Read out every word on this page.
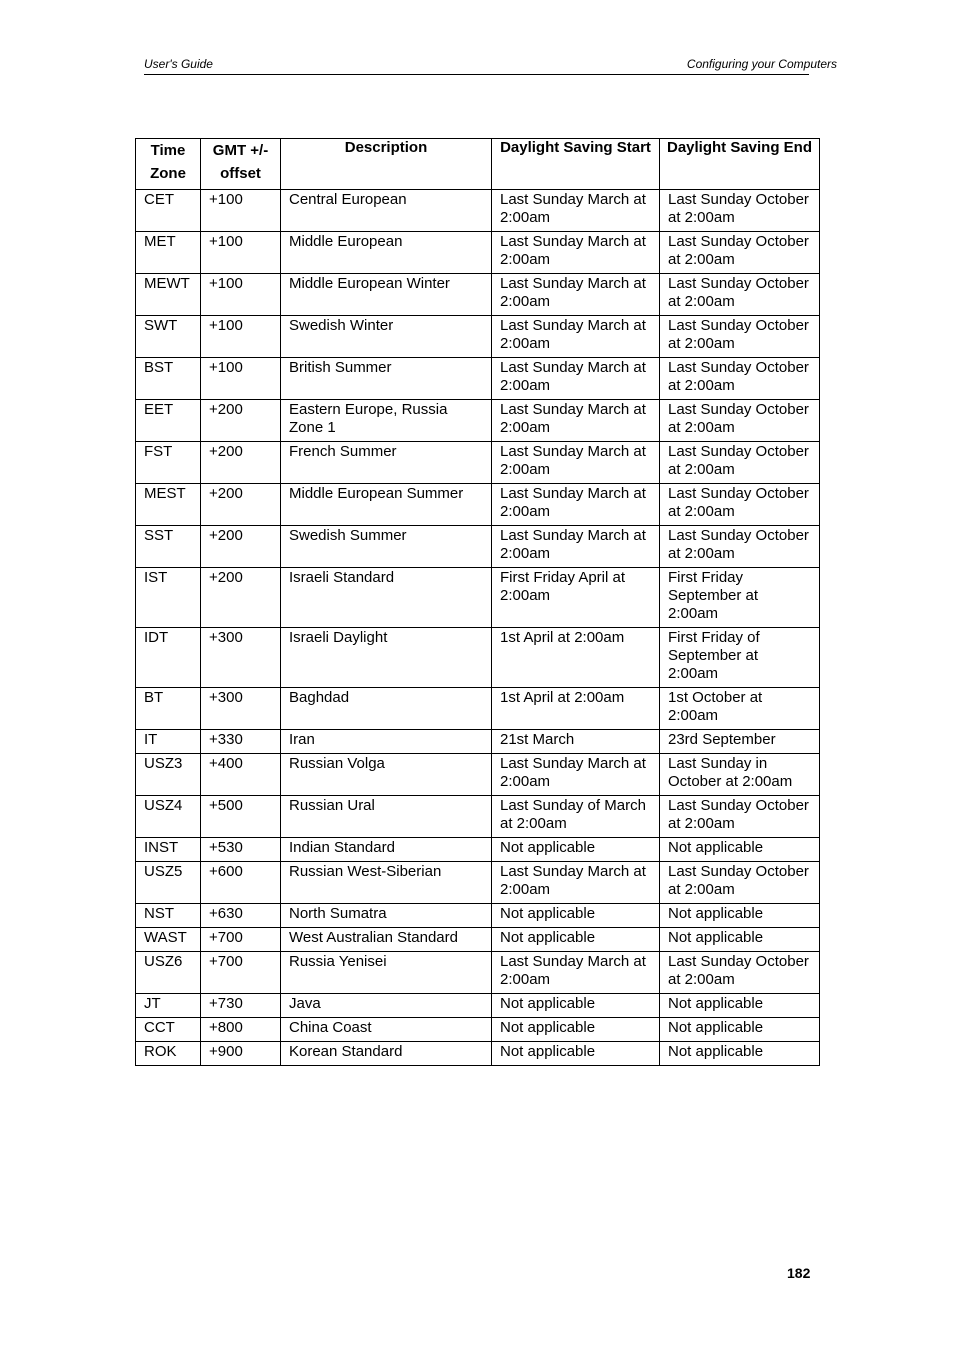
User's Guide	Configuring your Computers
Time Zone	GMT +/- offset	Description	Daylight Saving Start	Daylight Saving End
CET	+100	Central European	Last Sunday March at 2:00am	Last Sunday October at 2:00am
MET	+100	Middle European	Last Sunday March at 2:00am	Last Sunday October at 2:00am
MEWT	+100	Middle European Winter	Last Sunday March at 2:00am	Last Sunday October at 2:00am
SWT	+100	Swedish Winter	Last Sunday March at 2:00am	Last Sunday October at 2:00am
BST	+100	British Summer	Last Sunday March at 2:00am	Last Sunday October at 2:00am
EET	+200	Eastern Europe, Russia Zone 1	Last Sunday March at 2:00am	Last Sunday October at 2:00am
FST	+200	French Summer	Last Sunday March at 2:00am	Last Sunday October at 2:00am
MEST	+200	Middle European Summer	Last Sunday March at 2:00am	Last Sunday October at 2:00am
SST	+200	Swedish Summer	Last Sunday March at 2:00am	Last Sunday October at 2:00am
IST	+200	Israeli Standard	First Friday April at 2:00am	First Friday September at 2:00am
IDT	+300	Israeli Daylight	1st April at 2:00am	First Friday of September at 2:00am
BT	+300	Baghdad	1st April at 2:00am	1st October at 2:00am
IT	+330	Iran	21st March	23rd September
USZ3	+400	Russian Volga	Last Sunday March at 2:00am	Last Sunday in October at 2:00am
USZ4	+500	Russian Ural	Last Sunday of March at 2:00am	Last Sunday October at 2:00am
INST	+530	Indian Standard	Not applicable	Not applicable
USZ5	+600	Russian West-Siberian	Last Sunday March at 2:00am	Last Sunday October at 2:00am
NST	+630	North Sumatra	Not applicable	Not applicable
WAST	+700	West Australian Standard	Not applicable	Not applicable
USZ6	+700	Russia Yenisei	Last Sunday March at 2:00am	Last Sunday October at 2:00am
JT	+730	Java	Not applicable	Not applicable
CCT	+800	China Coast	Not applicable	Not applicable
ROK	+900	Korean Standard	Not applicable	Not applicable
182
